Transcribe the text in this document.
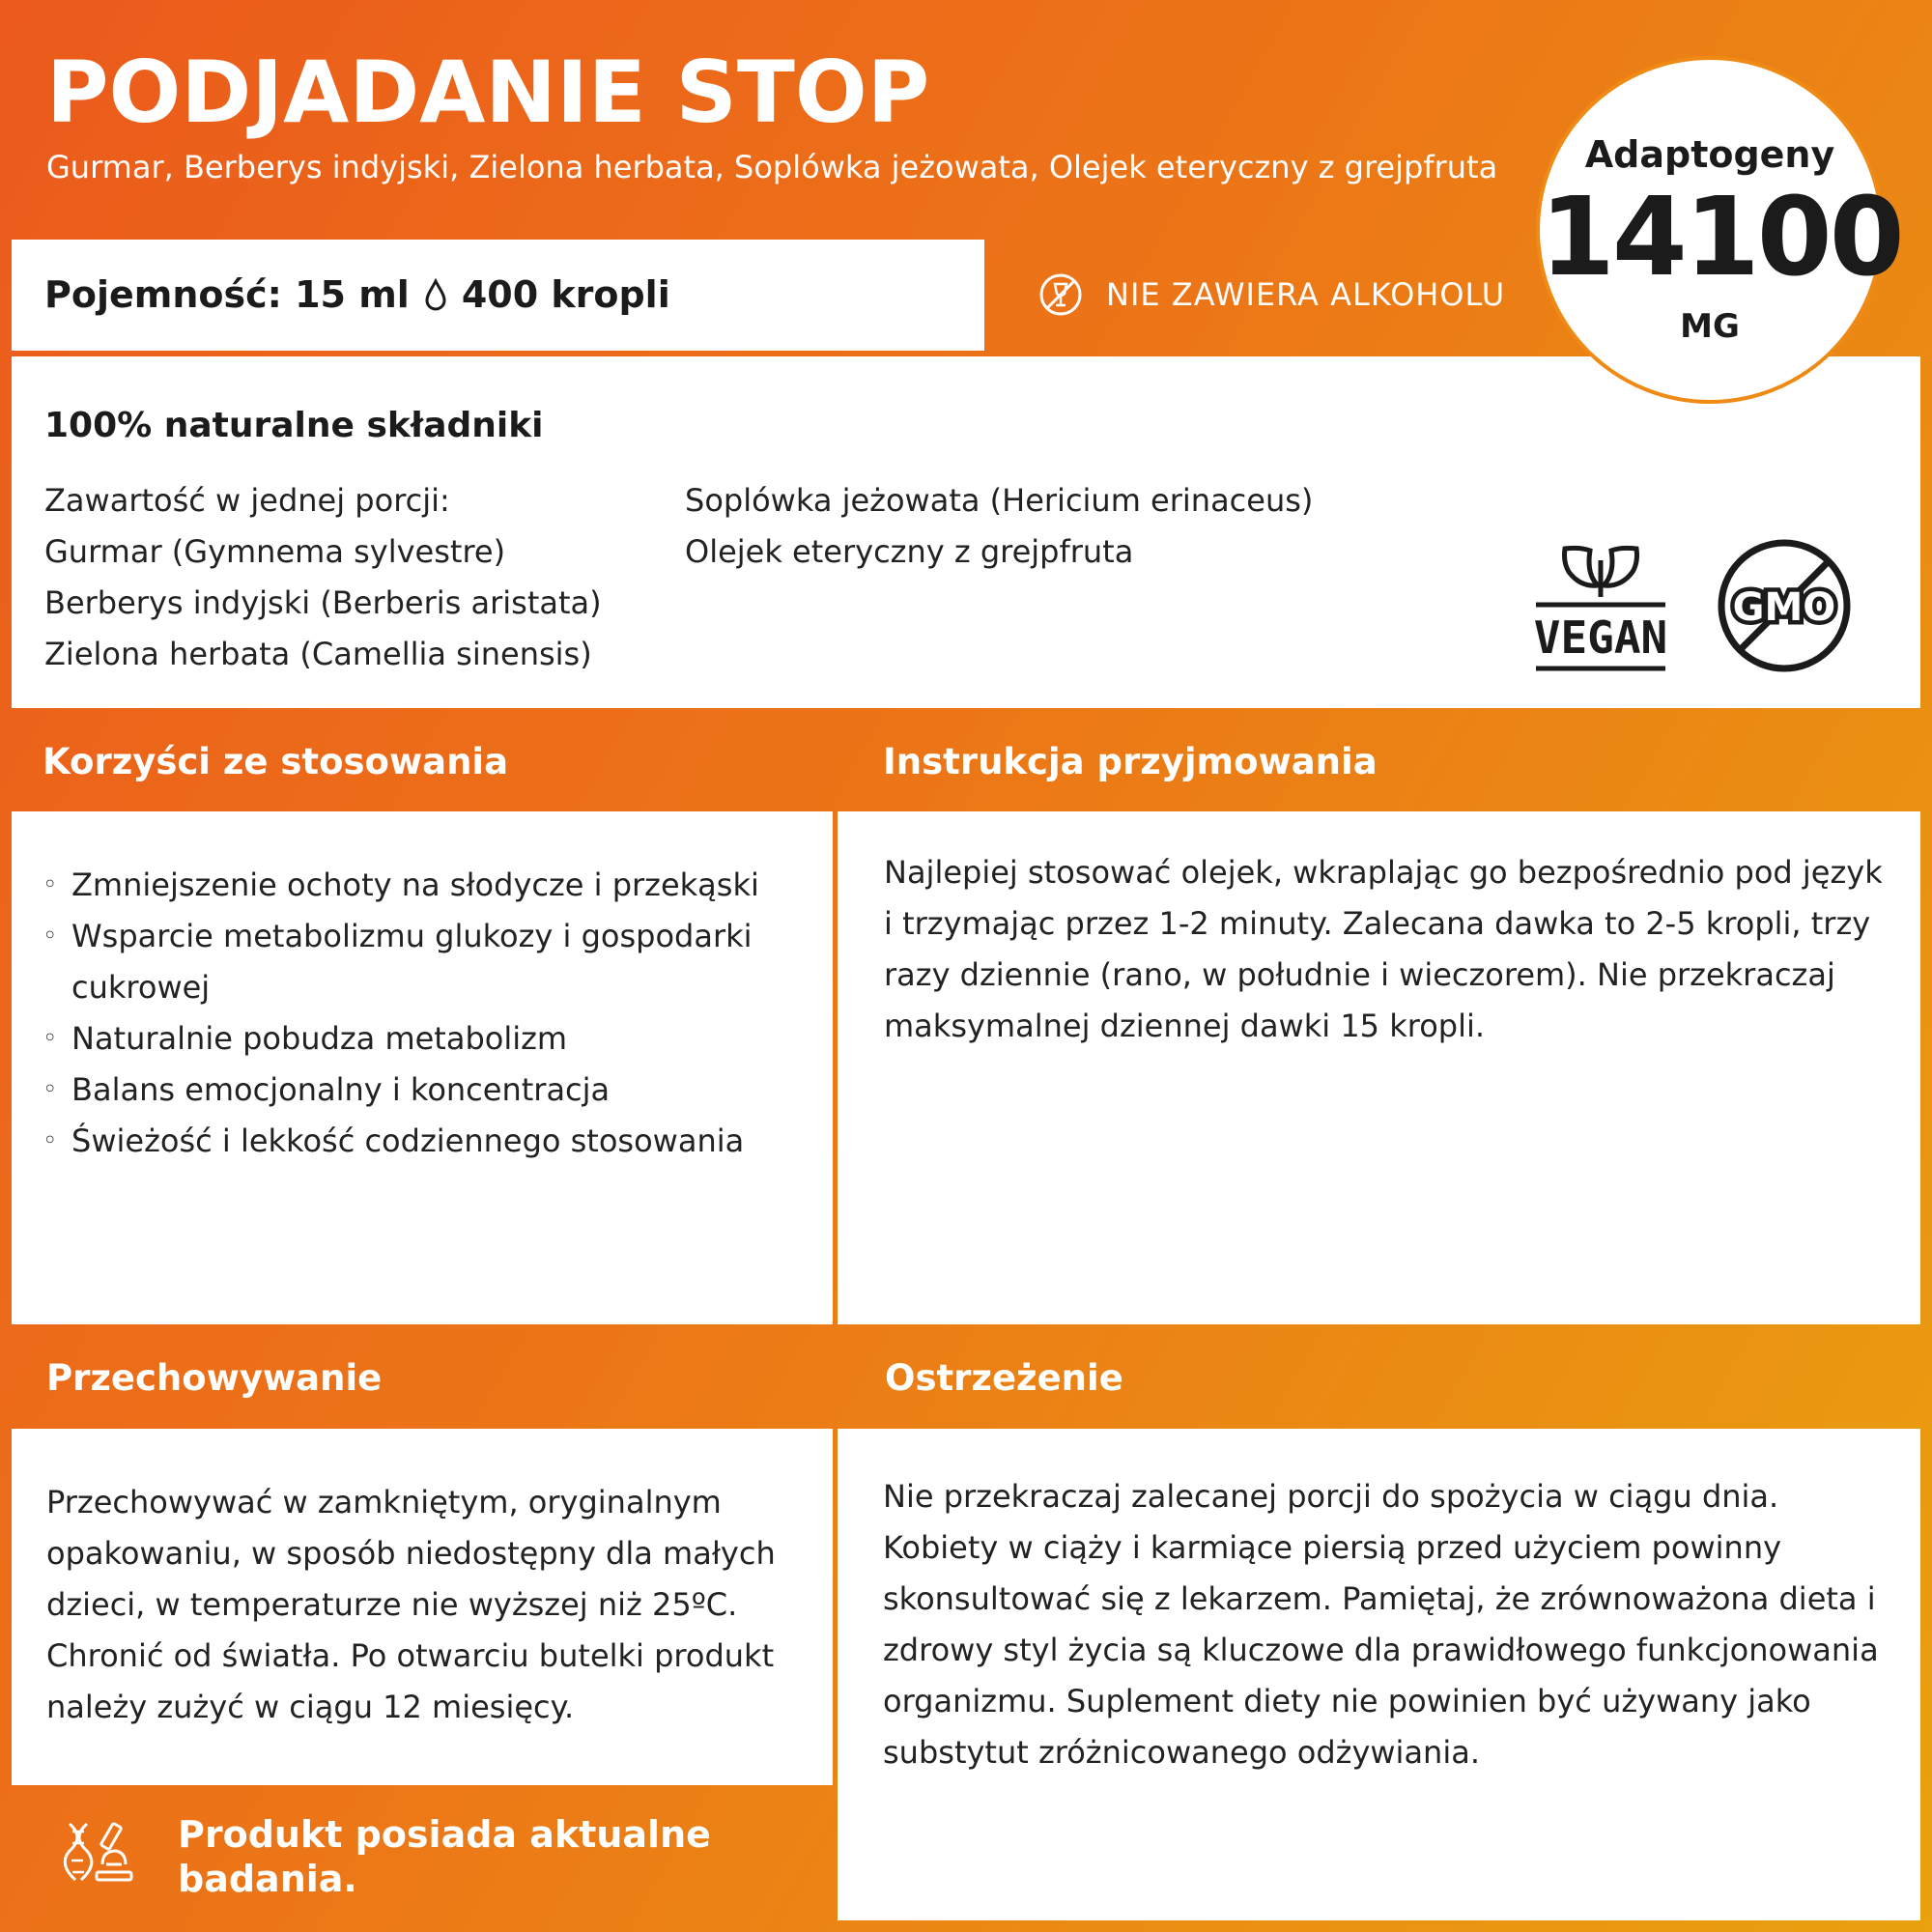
PODJADANIE STOP
Gurmar, Berberys indyjski, Zielona herbata, Soplówka jeżowata, Olejek eteryczny z grejpfruta
Pojemność: 15 ml 400 kropli	NIE ZAWIERA ALKOHOLU
100% naturalne składniki
Zawartość w jednej porcji:
Gurmar (Gymnema sylvestre)
Berberys indyjski (Berberis aristata)
Zielona herbata (Camellia sinensis)
Soplówka jeżowata (Hericium erinaceus)
Olejek eteryczny z grejpfruta
VEGAN
GMO
Adaptogeny
14100
MG
Korzyści ze stosowania	Instrukcja przyjmowania
◦ Zmniejszenie ochoty na słodycze i przekąski
◦ Wsparcie metabolizmu glukozy i gospodarki cukrowej
◦ Naturalnie pobudza metabolizm
◦ Balans emocjonalny i koncentracja
◦ Świeżość i lekkość codziennego stosowania
Najlepiej stosować olejek, wkraplając go bezpośrednio pod język i trzymając przez 1-2 minuty. Zalecana dawka to 2-5 kropli, trzy razy dziennie (rano, w południe i wieczorem). Nie przekraczaj maksymalnej dziennej dawki 15 kropli.
Przechowywanie	Ostrzeżenie
Przechowywać w zamkniętym, oryginalnym opakowaniu, w sposób niedostępny dla małych dzieci, w temperaturze nie wyższej niż 25ºC. Chronić od światła. Po otwarciu butelki produkt należy zużyć w ciągu 12 miesięcy.
Nie przekraczaj zalecanej porcji do spożycia w ciągu dnia. Kobiety w ciąży i karmiące piersią przed użyciem powinny skonsultować się z lekarzem. Pamiętaj, że zrównoważona dieta i zdrowy styl życia są kluczowe dla prawidłowego funkcjonowania organizmu. Suplement diety nie powinien być używany jako substytut zróżnicowanego odżywiania.
Produkt posiada aktualne badania.
